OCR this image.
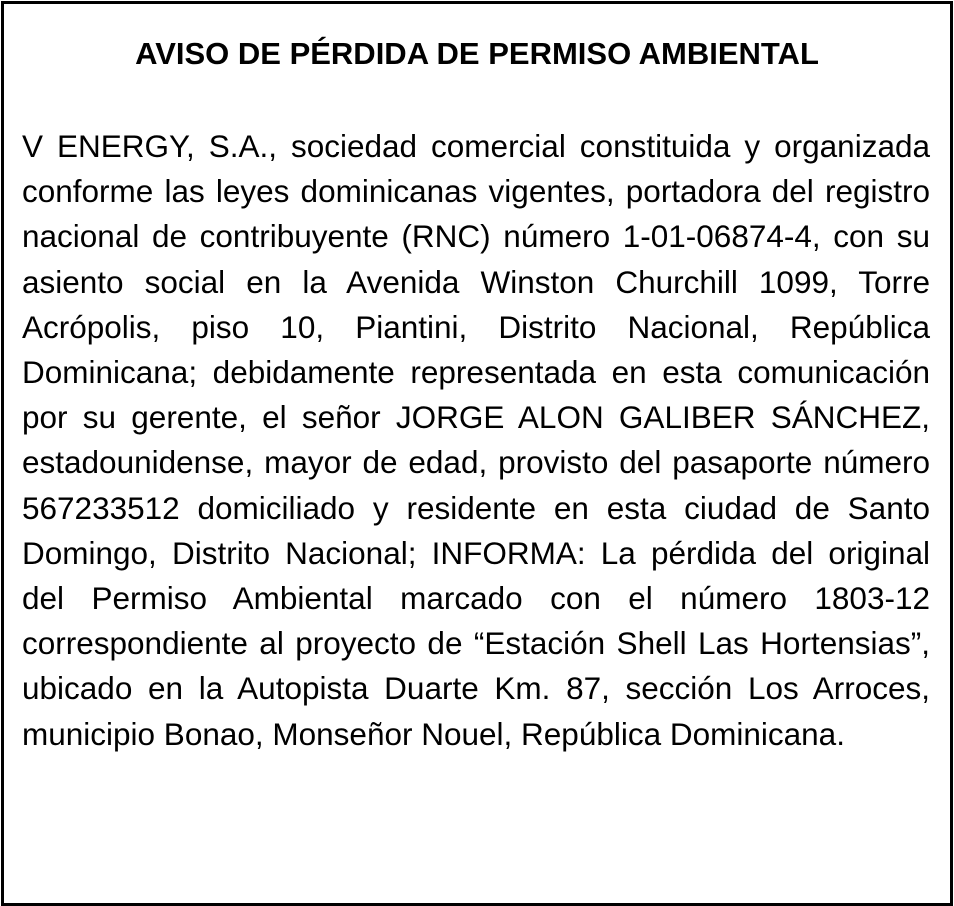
AVISO DE PÉRDIDA DE PERMISO AMBIENTAL

V ENERGY, S.A., sociedad comercial constituida y organizada conforme las leyes dominicanas vigentes, portadora del registro nacional de contribuyente (RNC) número 1-01-06874-4, con su asiento social en la Avenida Winston Churchill 1099, Torre Acrópolis, piso 10, Piantini, Distrito Nacional, República Dominicana; debidamente representada en esta comunicación por su gerente, el señor JORGE ALON GALIBER SÁNCHEZ, estadounidense, mayor de edad, provisto del pasaporte número 567233512 domiciliado y residente en esta ciudad de Santo Domingo, Distrito Nacional; INFORMA: La pérdida del original del Permiso Ambiental marcado con el número 1803-12 correspondiente al proyecto de “Estación Shell Las Hortensias”, ubicado en la Autopista Duarte Km. 87, sección Los Arroces, municipio Bonao, Monseñor Nouel, República Dominicana.
